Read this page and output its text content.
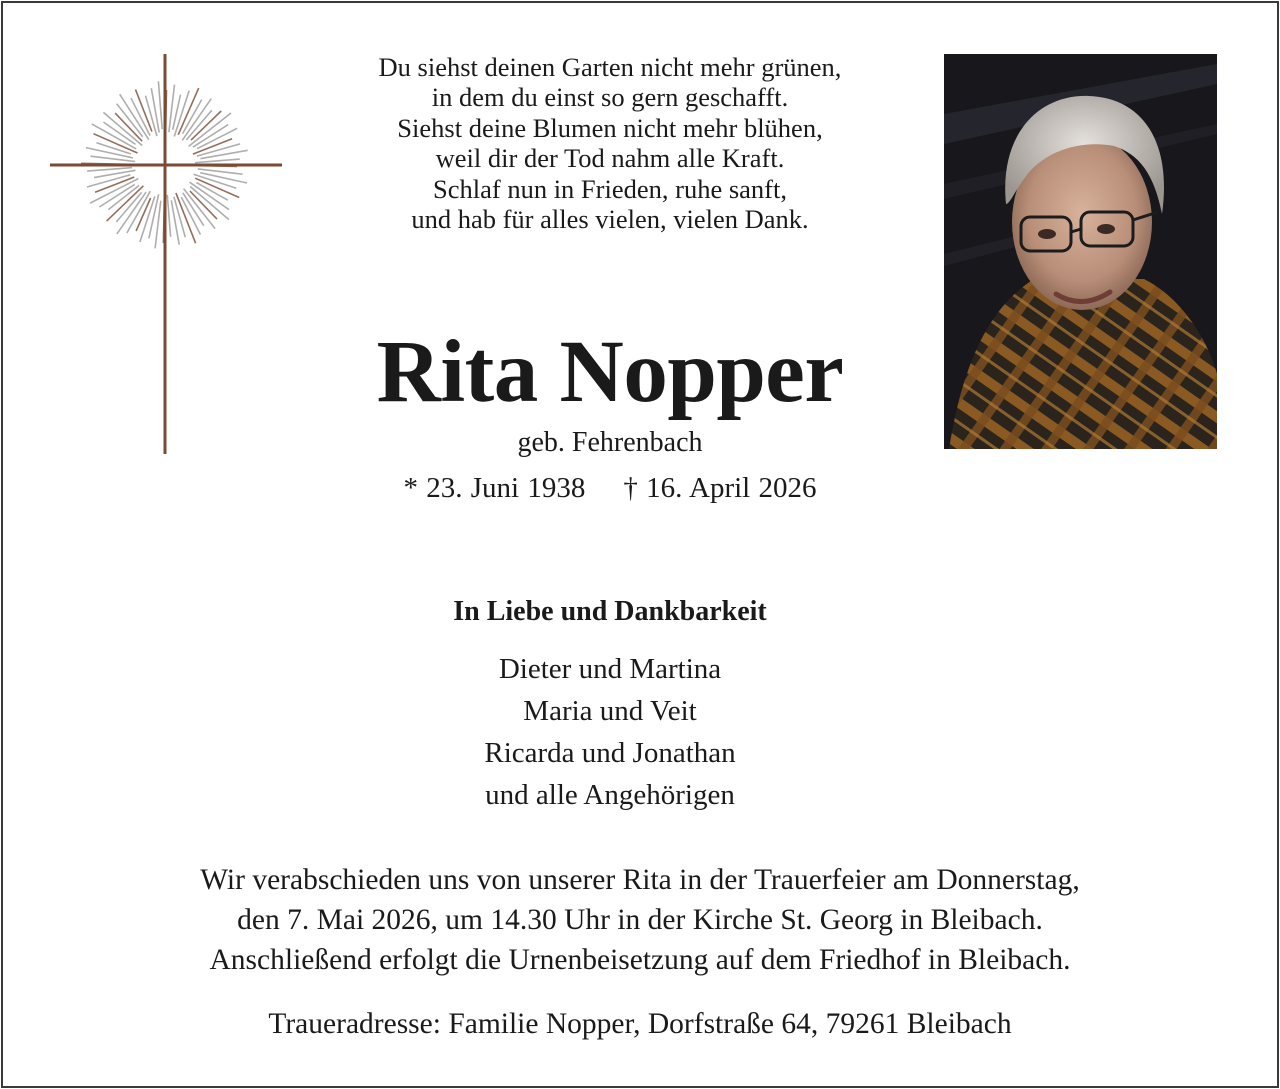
Du siehst deinen Garten nicht mehr grünen,
in dem du einst so gern geschafft.
Siehst deine Blumen nicht mehr blühen,
weil dir der Tod nahm alle Kraft.
Schlaf nun in Frieden, ruhe sanft,
und hab für alles vielen, vielen Dank.
Rita Nopper
geb. Fehrenbach
* 23. Juni 1938 † 16. April 2026
In Liebe und Dankbarkeit
Dieter und Martina
Maria und Veit
Ricarda und Jonathan
und alle Angehörigen
Wir verabschieden uns von unserer Rita in der Trauerfeier am Donnerstag,
den 7. Mai 2026, um 14.30 Uhr in der Kirche St. Georg in Bleibach.
Anschließend erfolgt die Urnenbeisetzung auf dem Friedhof in Bleibach.
Traueradresse: Familie Nopper, Dorfstraße 64, 79261 Bleibach
